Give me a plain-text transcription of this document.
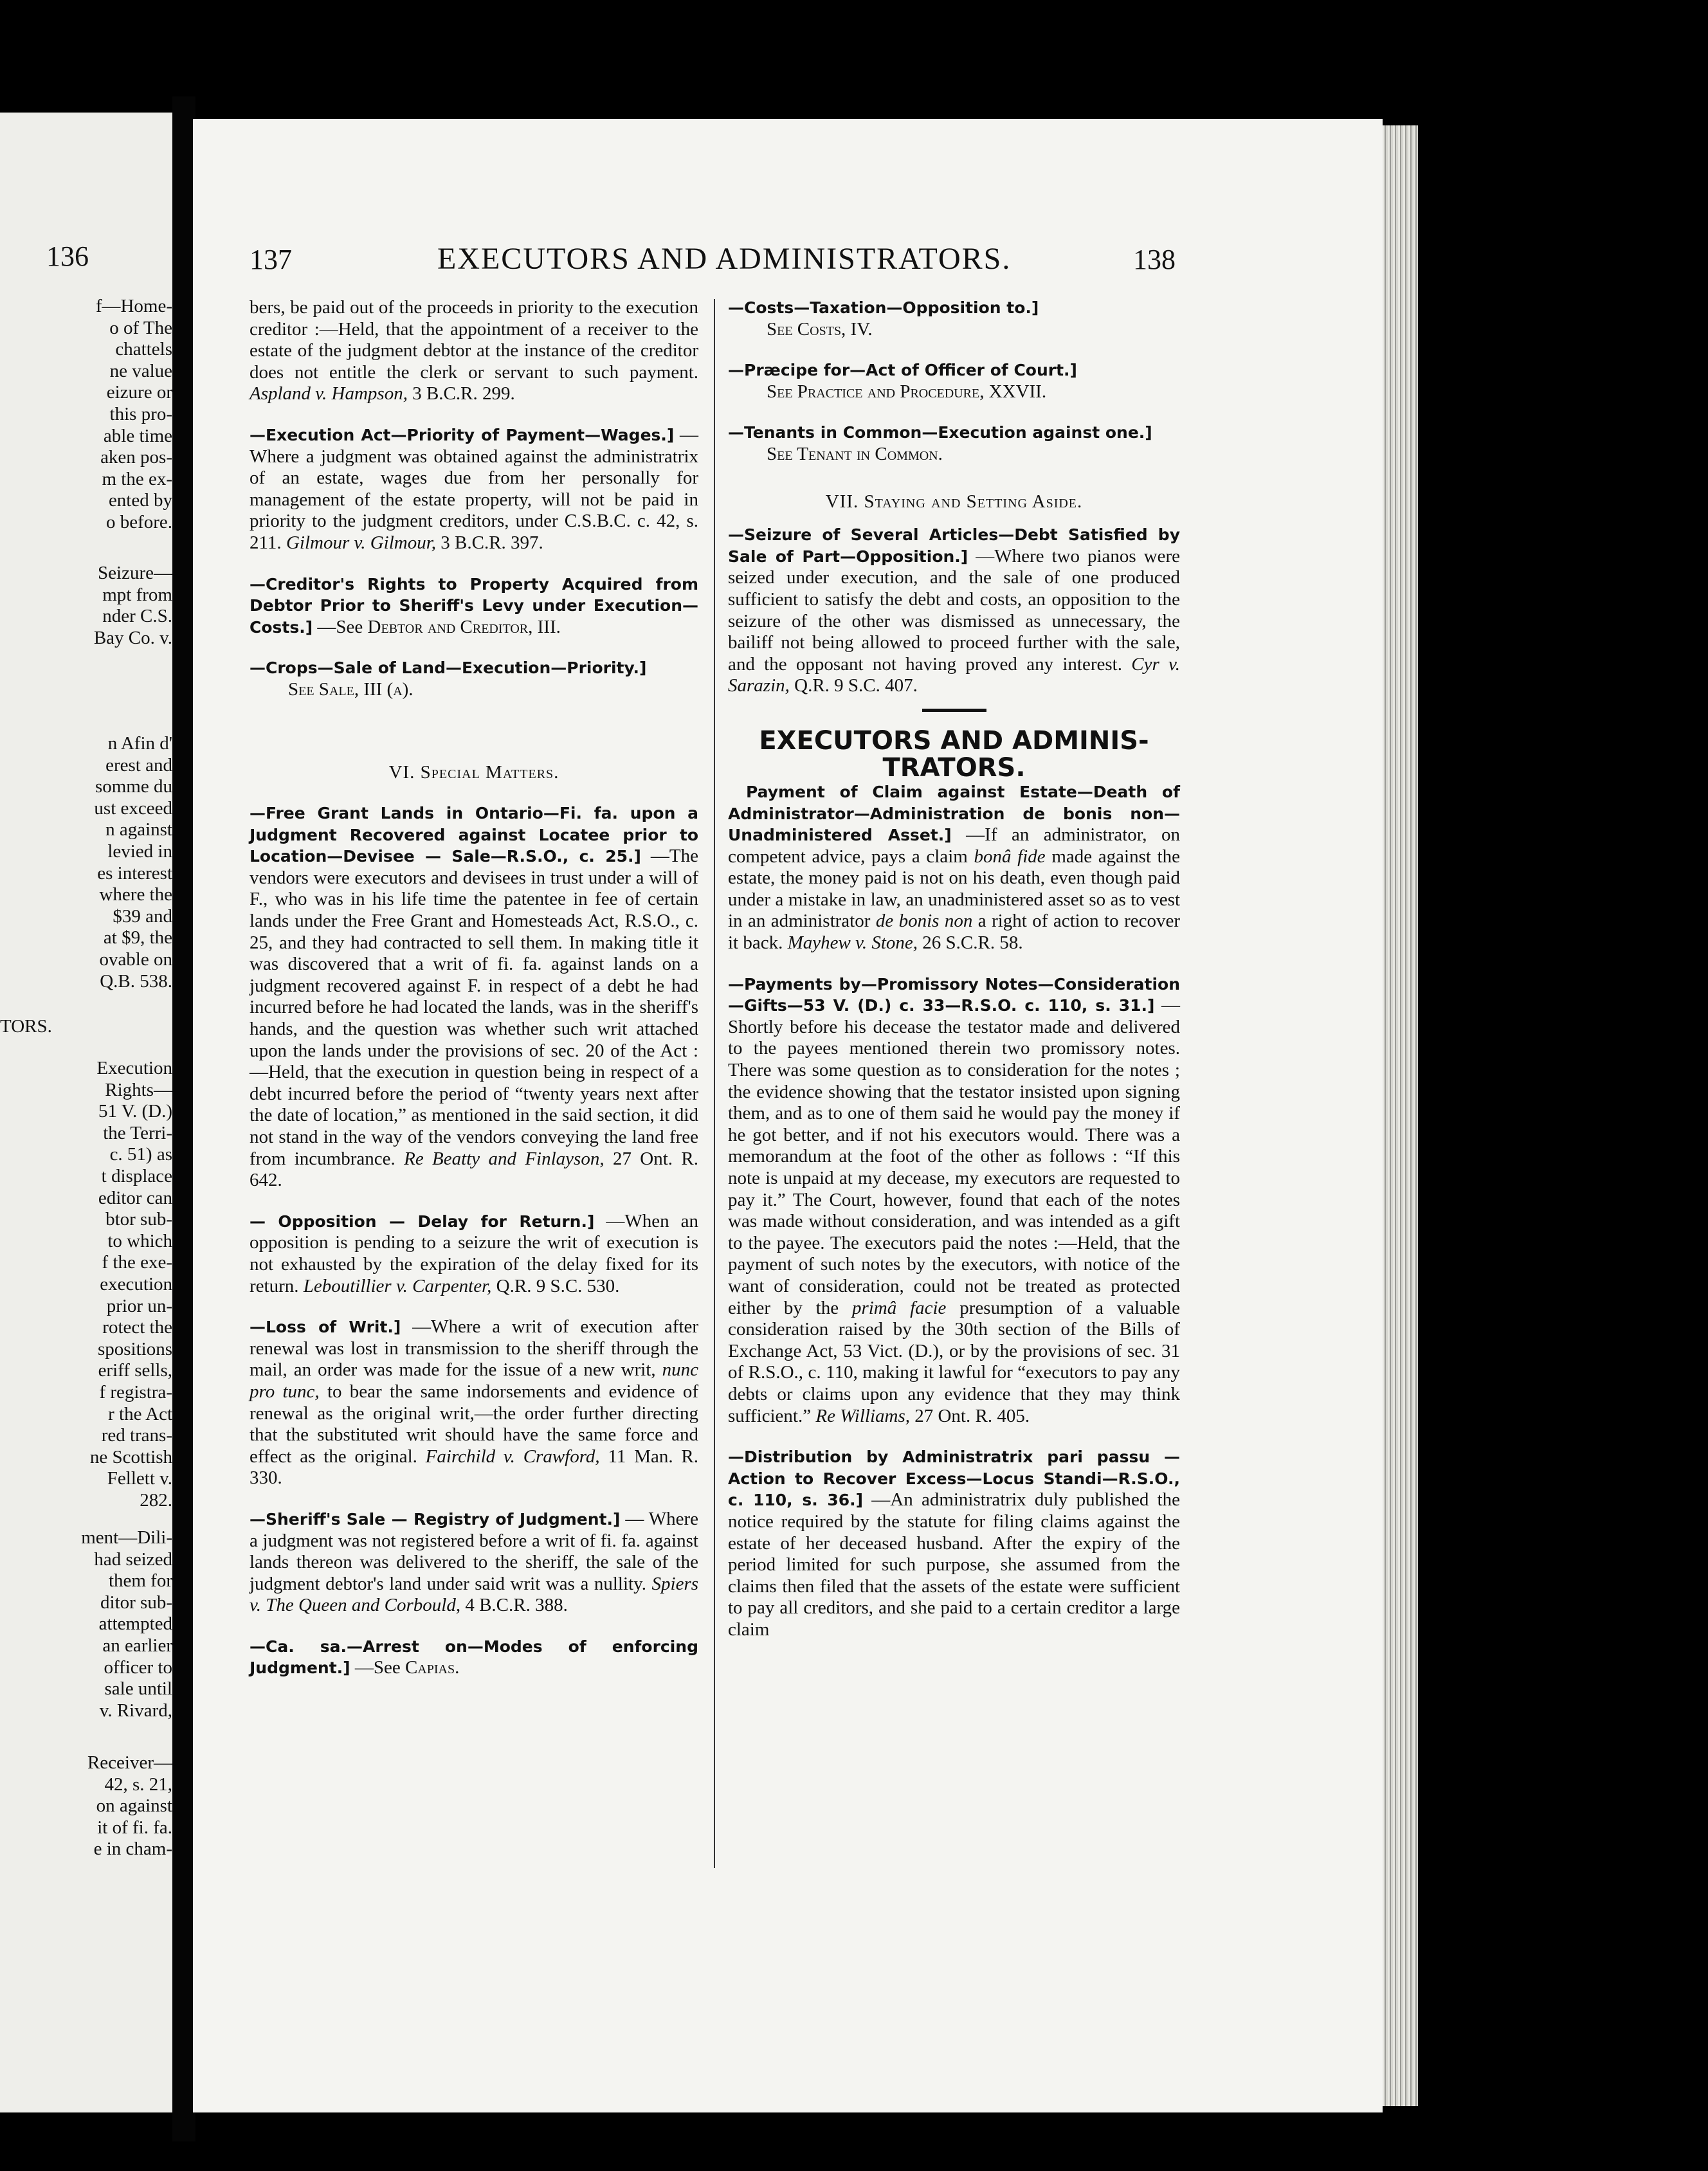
136
f—Home-
o of The
chattels
ne value
eizure or
this pro-
able time
aken pos-
m the ex-
ented by
o before.
Seizure—
mpt from
nder C.S.
Bay Co. v.
n Afin d'
erest and
somme du
ust exceed
n against
levied in
es interest
where the
$39 and
at $9, the
ovable on
Q.B. 538.
TORS.
Execution
Rights—
51 V. (D.)
the Terri-
c. 51) as
t displace
editor can
btor sub-
to which
f the exe-
execution
prior un-
rotect the
spositions
eriff sells,
f registra-
r the Act
red trans-
ne Scottish
Fellett v.
282.
ment—Dili-
had seized
them for
ditor sub-
attempted
an earlier
officer to
sale until
v. Rivard,
Receiver—
42, s. 21,
on against
it of fi. fa.
e in cham-
137	EXECUTORS AND ADMINISTRATORS.	138

bers, be paid out of the proceeds in priority to the execution creditor :—Held, that the appointment of a receiver to the estate of the judgment debtor at the instance of the creditor does not entitle the clerk or servant to such payment. Aspland v. Hampson, 3 B.C.R. 299.

—Execution Act—Priority of Payment—Wages.] —Where a judgment was obtained against the administratrix of an estate, wages due from her personally for management of the estate property, will not be paid in priority to the judgment creditors, under C.S.B.C. c. 42, s. 211. Gilmour v. Gilmour, 3 B.C.R. 397.

—Creditor's Rights to Property Acquired from Debtor Prior to Sheriff's Levy under Execution—Costs.] —See Debtor and Creditor, III.

—Crops—Sale of Land—Execution—Priority.]

See Sale, III (a).

VI. Special Matters.

—Free Grant Lands in Ontario—Fi. fa. upon a Judgment Recovered against Locatee prior to Location—Devisee — Sale—R.S.O., c. 25.] —The vendors were executors and devisees in trust under a will of F., who was in his life time the patentee in fee of certain lands under the Free Grant and Homesteads Act, R.S.O., c. 25, and they had contracted to sell them. In making title it was discovered that a writ of fi. fa. against lands on a judgment recovered against F. in respect of a debt he had incurred before he had located the lands, was in the sheriff's hands, and the question was whether such writ attached upon the lands under the provisions of sec. 20 of the Act :—Held, that the execution in question being in respect of a debt incurred before the period of “twenty years next after the date of location,” as mentioned in the said section, it did not stand in the way of the vendors conveying the land free from incumbrance. Re Beatty and Finlayson, 27 Ont. R. 642.

— Opposition — Delay for Return.] —When an opposition is pending to a seizure the writ of execution is not exhausted by the expiration of the delay fixed for its return. Leboutillier v. Carpenter, Q.R. 9 S.C. 530.

—Loss of Writ.] —Where a writ of execution after renewal was lost in transmission to the sheriff through the mail, an order was made for the issue of a new writ, nunc pro tunc, to bear the same indorsements and evidence of renewal as the original writ,—the order further directing that the substituted writ should have the same force and effect as the original. Fairchild v. Crawford, 11 Man. R. 330.

—Sheriff's Sale — Registry of Judgment.] — Where a judgment was not registered before a writ of fi. fa. against lands thereon was delivered to the sheriff, the sale of the judgment debtor's land under said writ was a nullity. Spiers v. The Queen and Corbould, 4 B.C.R. 388.

—Ca. sa.—Arrest on—Modes of enforcing Judgment.] —See Capias.

—Costs—Taxation—Opposition to.]

See Costs, IV.

—Præcipe for—Act of Officer of Court.]

See Practice and Procedure, XXVII.

—Tenants in Common—Execution against one.]

See Tenant in Common.

VII. Staying and Setting Aside.

—Seizure of Several Articles—Debt Satisfied by Sale of Part—Opposition.] —Where two pianos were seized under execution, and the sale of one produced sufficient to satisfy the debt and costs, an opposition to the seizure of the other was dismissed as unnecessary, the bailiff not being allowed to proceed further with the sale, and the opposant not having proved any interest. Cyr v. Sarazin, Q.R. 9 S.C. 407.

EXECUTORS AND ADMINIS-
TRATORS.

Payment of Claim against Estate—Death of Administrator—Administration de bonis non—Unadministered Asset.] —If an administrator, on competent advice, pays a claim bonâ fide made against the estate, the money paid is not on his death, even though paid under a mistake in law, an unadministered asset so as to vest in an administrator de bonis non a right of action to recover it back. Mayhew v. Stone, 26 S.C.R. 58.

—Payments by—Promissory Notes—Consideration—Gifts—53 V. (D.) c. 33—R.S.O. c. 110, s. 31.] — Shortly before his decease the testator made and delivered to the payees mentioned therein two promissory notes. There was some question as to consideration for the notes ; the evidence showing that the testator insisted upon signing them, and as to one of them said he would pay the money if he got better, and if not his executors would. There was a memorandum at the foot of the other as follows : “If this note is unpaid at my decease, my executors are requested to pay it.” The Court, however, found that each of the notes was made without consideration, and was intended as a gift to the payee. The executors paid the notes :—Held, that the payment of such notes by the executors, with notice of the want of consideration, could not be treated as protected either by the primâ facie presumption of a valuable consideration raised by the 30th section of the Bills of Exchange Act, 53 Vict. (D.), or by the provisions of sec. 31 of R.S.O., c. 110, making it lawful for “executors to pay any debts or claims upon any evidence that they may think sufficient.” Re Williams, 27 Ont. R. 405.

—Distribution by Administratrix pari passu —Action to Recover Excess—Locus Standi—R.S.O., c. 110, s. 36.] —An administratrix duly published the notice required by the statute for filing claims against the estate of her deceased husband. After the expiry of the period limited for such purpose, she assumed from the claims then filed that the assets of the estate were sufficient to pay all creditors, and she paid to a certain creditor a large claim
